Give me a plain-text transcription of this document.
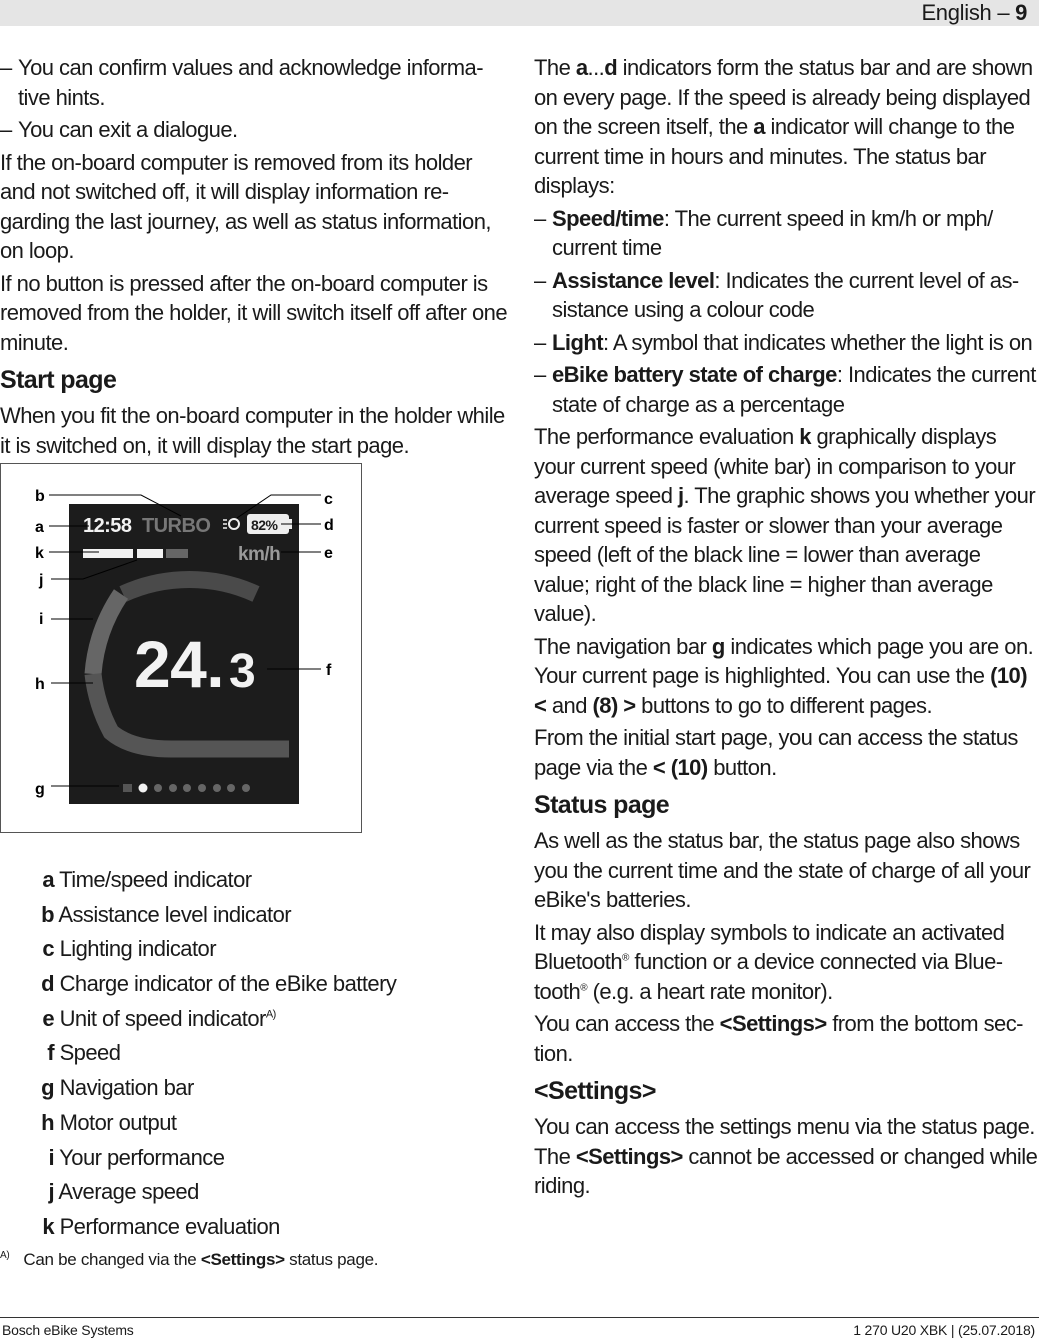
English – 9
– You can confirm values and acknowledge informative hints.
– You can exit a dialogue.

If the on-board computer is removed from its holder and not switched off, it will display information regarding the last journey, as well as status information, on loop.

If no button is pressed after the on-board computer is removed from the holder, it will switch itself off after one minute.

Start page

When you fit the on-board computer in the holder while it is switched on, it will display the start page.

12:58 TURBO	82%
km/h
24. 3
b
a
k
j
i
h
g
c
d
e
f
a Time/speed indicator
b Assistance level indicator
c Lighting indicator
d Charge indicator of the eBike battery
e Unit of speed indicator$^{A)}$
f Speed
g Navigation bar
h Motor output
i Your performance
j Average speed
k Performance evaluation
$^{A)}$ Can be changed via the <Settings> status page.

The a...d indicators form the status bar and are shown on every page. If the speed is already being displayed on the screen itself, the a indicator will change to the current time in hours and minutes. The status bar displays:

– Speed/time: The current speed in km/h or mph/ current time
– Assistance level: Indicates the current level of assistance using a colour code
– Light: A symbol that indicates whether the light is on
– eBike battery state of charge: Indicates the current state of charge as a percentage

The performance evaluation k graphically displays your current speed (white bar) in comparison to your average speed j. The graphic shows you whether your current speed is faster or slower than your average speed (left of the black line = lower than average value; right of the black line = higher than average value).

The navigation bar g indicates which page you are on. Your current page is highlighted. You can use the (10) < and (8) > buttons to go to different pages.

From the initial start page, you can access the status page via the < (10) button.

Status page

As well as the status bar, the status page also shows you the current time and the state of charge of all your eBike's batteries.

It may also display symbols to indicate an activated Bluetooth® function or a device connected via Bluetooth® (e.g. a heart rate monitor).

You can access the <Settings> from the bottom section.

<Settings>

You can access the settings menu via the status page. The <Settings> cannot be accessed or changed while riding.

Bosch eBike Systems	1 270 U20 XBK | (25.07.2018)
